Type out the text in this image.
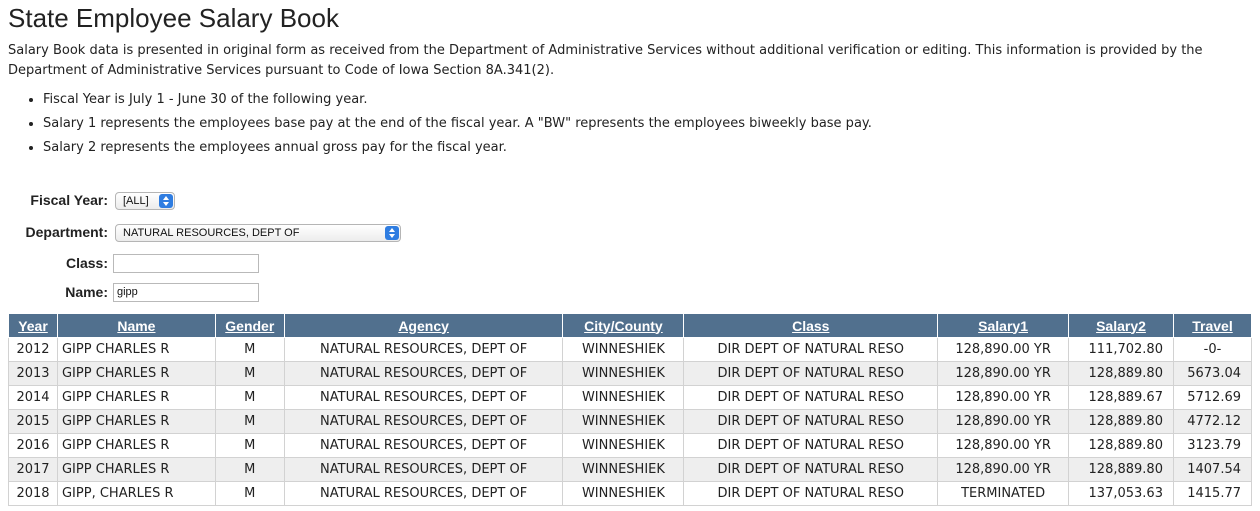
State Employee Salary Book

Salary Book data is presented in original form as received from the Department of Administrative Services without additional verification or editing. This information is provided by the Department of Administrative Services pursuant to Code of Iowa Section 8A.341(2).

• Fiscal Year is July 1 - June 30 of the following year.
• Salary 1 represents the employees base pay at the end of the fiscal year. A "BW" represents the employees biweekly base pay.
• Salary 2 represents the employees annual gross pay for the fiscal year.
Fiscal Year:	[ALL]
Department:	NATURAL RESOURCES, DEPT OF
Class:
Name: gipp
Year	Name	Gender	Agency	City/County	Class	Salary1	Salary2	Travel
2012	GIPP CHARLES R	M	NATURAL RESOURCES, DEPT OF	WINNESHIEK	DIR DEPT OF NATURAL RESO	128,890.00 YR	111,702.80	-0-
2013	GIPP CHARLES R	M	NATURAL RESOURCES, DEPT OF	WINNESHIEK	DIR DEPT OF NATURAL RESO	128,890.00 YR	128,889.80	5673.04
2014	GIPP CHARLES R	M	NATURAL RESOURCES, DEPT OF	WINNESHIEK	DIR DEPT OF NATURAL RESO	128,890.00 YR	128,889.67	5712.69
2015	GIPP CHARLES R	M	NATURAL RESOURCES, DEPT OF	WINNESHIEK	DIR DEPT OF NATURAL RESO	128,890.00 YR	128,889.80	4772.12
2016	GIPP CHARLES R	M	NATURAL RESOURCES, DEPT OF	WINNESHIEK	DIR DEPT OF NATURAL RESO	128,890.00 YR	128,889.80	3123.79
2017	GIPP CHARLES R	M	NATURAL RESOURCES, DEPT OF	WINNESHIEK	DIR DEPT OF NATURAL RESO	128,890.00 YR	128,889.80	1407.54
2018	GIPP, CHARLES R	M	NATURAL RESOURCES, DEPT OF	WINNESHIEK	DIR DEPT OF NATURAL RESO	TERMINATED	137,053.63	1415.77
